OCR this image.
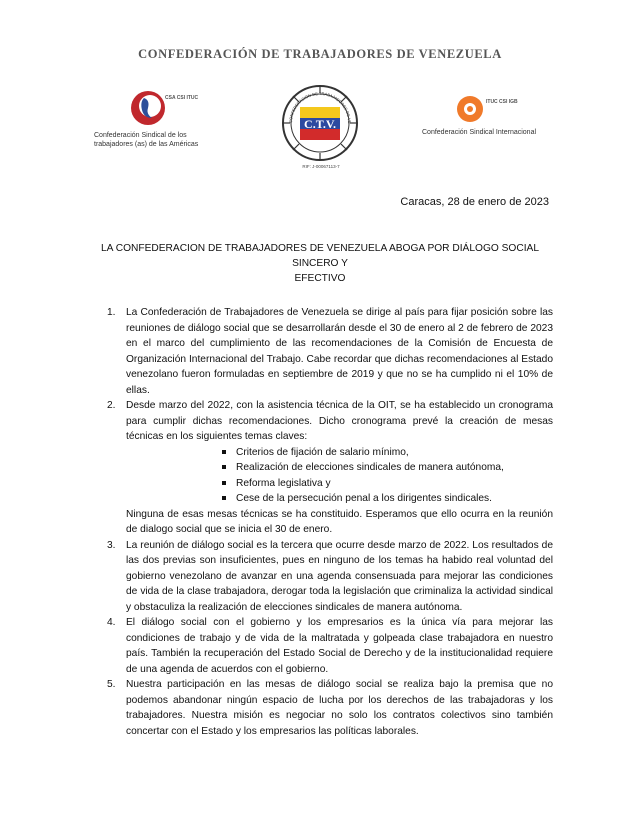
CONFEDERACIÓN DE TRABAJADORES DE VENEZUELA
CSA CSI ITUC
Confederación Sindical de los
trabajadores (as) de las Américas
C.T.V.
CONFEDERACION DE TRABAJADORES DE VE
RIF: J-00067113-7
ITUC CSI IGB
Confederación Sindical Internacional
Caracas, 28 de enero de 2023
LA CONFEDERACION DE TRABAJADORES DE VENEZUELA ABOGA POR DIÁLOGO SOCIAL SINCERO Y
EFECTIVO
1. La Confederación de Trabajadores de Venezuela se dirige al país para fijar posición sobre las reuniones de diálogo social que se desarrollarán desde el 30 de enero al 2 de febrero de 2023 en el marco del cumplimiento de las recomendaciones de la Comisión de Encuesta de Organización Internacional del Trabajo. Cabe recordar que dichas recomendaciones al Estado venezolano fueron formuladas en septiembre de 2019 y que no se ha cumplido ni el 10% de ellas.
2. Desde marzo del 2022, con la asistencia técnica de la OIT, se ha establecido un cronograma para cumplir dichas recomendaciones. Dicho cronograma prevé la creación de mesas técnicas en los siguientes temas claves:
Criterios de fijación de salario mínimo,
Realización de elecciones sindicales de manera autónoma,
Reforma legislativa y
Cese de la persecución penal a los dirigentes sindicales.
Ninguna de esas mesas técnicas se ha constituido. Esperamos que ello ocurra en la reunión de dialogo social que se inicia el 30 de enero.
3. La reunión de diálogo social es la tercera que ocurre desde marzo de 2022. Los resultados de las dos previas son insuficientes, pues en ninguno de los temas ha habido real voluntad del gobierno venezolano de avanzar en una agenda consensuada para mejorar las condiciones de vida de la clase trabajadora, derogar toda la legislación que criminaliza la actividad sindical y obstaculiza la realización de elecciones sindicales de manera autónoma.
4. El diálogo social con el gobierno y los empresarios es la única vía para mejorar las condiciones de trabajo y de vida de la maltratada y golpeada clase trabajadora en nuestro país. También la recuperación del Estado Social de Derecho y de la institucionalidad requiere de una agenda de acuerdos con el gobierno.
5. Nuestra participación en las mesas de diálogo social se realiza bajo la premisa que no podemos abandonar ningún espacio de lucha por los derechos de las trabajadoras y los trabajadores. Nuestra misión es negociar no solo los contratos colectivos sino también concertar con el Estado y los empresarios las políticas laborales.
